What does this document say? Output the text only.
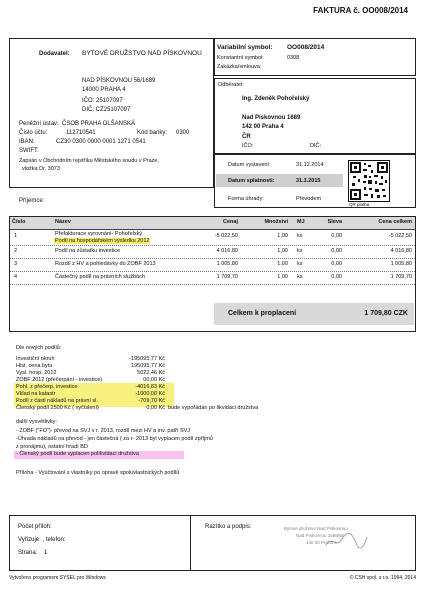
FAKTURA č. OO008/2014
Dodavatel: BYTOVÉ DRUŽSTVO NAD PÍSKOVNOU
NAD PÍSKOVNOU 56/1689
14000 PRAHA 4
IČO: 25107097
DIČ: CZ25107097
Peněžní ústav: ČSOB PRAHA OLŠANSKÁ
Číslo účtu:	112710541	Kód banky: 0300
IBAN:	CZ30 0300 0000 0001 1271 0541
SWIFT:
Zapsán v Obchodním rejstříku Městského soudu v Praze,
vložka Dr. 3073
Variabilní symbol: OO008/2014
Konstantní symbol:	0308
Zakázka/smlouva:
Odběratel:
Ing. Zdeněk Pohořelský
Nad Pískovnou 1689
142 00 Praha 4
ČR
IČO:	DIČ:
Datum vystavení:	31.12.2014
Datum splatnosti:	31.3.2015
Forma úhrady:	Převodem
QR platba
Příjemce:
Číslo	Název	Cenaj	Množství MJ	Sleva	Cena celkem
1	Přefakturace vyrovnání- Pohořelský
Podíl na hospodářském výsledku 2012
-5 022,50	1,00 ks	0,00	-5 022,50
2	Podíl na zůstatku investice	4 016,80	1,00 ks	0,00	4 016,80
3	Rozdíl z HV a pohledávky do ZOBF 2013	1 005,80	1,00 ks	0,00	1 005,80
4	Částečný podíl na právních službách	1 709,70	1,00 ks	0,00	1 709,70
Celkem k proplacení	1 709,80 CZK
Dle nových podílů:
Investiční okruh	-195095,77 Kč
Hist. cena bytu	195095,77 Kč
Vysl. hosp. 2012	5022,46 Kč
ZOBF 2012 (přečerpání - investice)	00,00 Kč
Pohl. z přečerp. investice	-4016,83 Kč
Vklad na katastr	-1000,00 Kč
Podíl z části nákladů na právní sl.	-709,70 Kč
Členský podíl 2500 Kč ( vyčíslení)	0,00 Kč bude vypořádán po likvidaci družstva
další vysvětlivky:
- ZOBF ("FO")- převod na SVJ v r. 2013, rozdíl mezi HV a inv. patří SVJ
-Úhrada nákladů na převod - jen částečná ( za r- 2013 byl vyplacen podíl zpříjmů
z pronájmu), ostatní hradí BD
- Členský podíl bude vyplacen políkvidaci družstva
Příloha - Vyúčtování s vlastníky po opravě spoluvlastnických podílů
Počet příloh:
Vyřizuje: , telefon:
Strana: 1
Razítko a podpis:	Bytové družstvo Nad Pískovnou
Nad Pískovnou 1689/56
140 00 Praha 4
Vytvořeno programem SYSEL pro Windows	© CSH spol. s r.o. 1994, 2014
